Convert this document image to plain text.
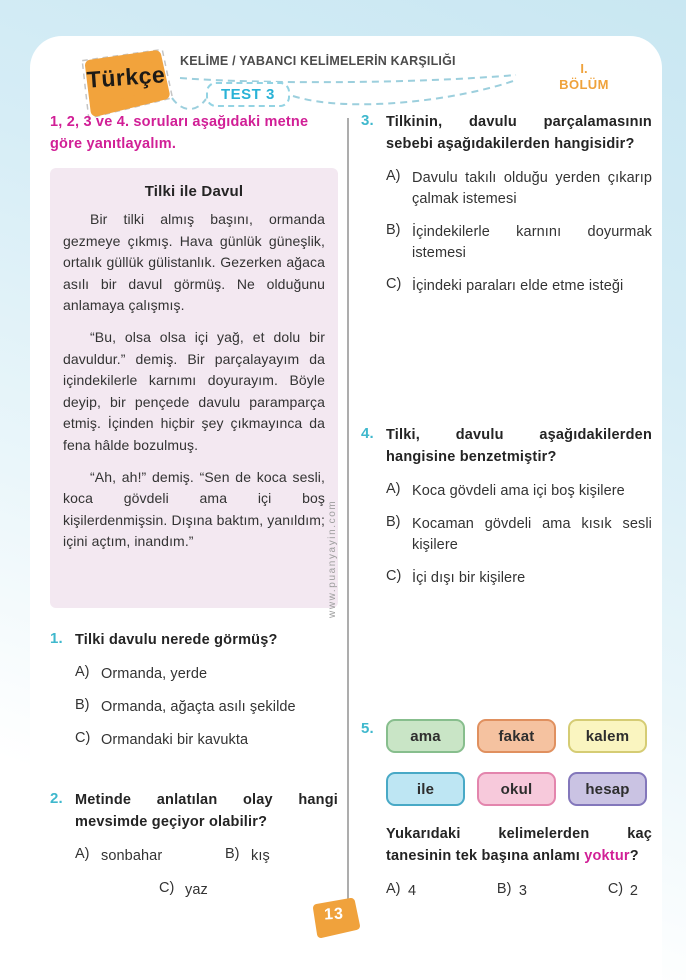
Türkçe
KELİME / YABANCI KELİMELERİN KARŞILIĞI
TEST 3
I.
BÖLÜM
1, 2, 3 ve 4. soruları aşağıdaki metne göre yanıtlayalım.
Tilki ile Davul

Bir tilki almış başını, ormanda gezmeye çıkmış. Hava günlük güneşlik, ortalık güllük gülistanlık. Gezerken ağaca asılı bir davul görmüş. Ne olduğunu anlamaya çalışmış.

“Bu, olsa olsa içi yağ, et dolu bir davuldur.” demiş. Bir parçalayayım da içindekilerle karnımı doyurayım. Böyle deyip, bir pençede davulu paramparça etmiş. İçinden hiçbir şey çıkmayınca da fena hâlde bozulmuş.

“Ah, ah!” demiş. “Sen de koca sesli, koca gövdeli ama içi boş kişilerdenmişsin. Dışına baktım, yanıldım; içini açtım, inandım.”

1. Tilki davulu nerede görmüş?
A) Ormanda, yerde
B) Ormanda, ağaçta asılı şekilde
C) Ormandaki bir kavukta
2. Metinde anlatılan olay hangi mevsimde geçiyor olabilir?
A) sonbahar	B) kış
C) yaz
www.puanyayin.com
3. Tilkinin, davulu parçalamasının sebebi aşağıdakilerden hangisidir?
A) Davulu takılı olduğu yerden çıkarıp çalmak istemesi
B) İçindekilerle karnını doyurmak istemesi
C) İçindeki paraları elde etme isteği
4. Tilki, davulu aşağıdakilerden hangisine benzetmiştir?
A) Koca gövdeli ama içi boş kişilere
B) Kocaman gövdeli ama kısık sesli kişilere
C) İçi dışı bir kişilere
5.	ama	fakat	kalem
ile	okul	hesap
Yukarıdaki kelimelerden kaç tanesinin tek başına anlamı yoktur?
A) 4	B) 3	C) 2
13
